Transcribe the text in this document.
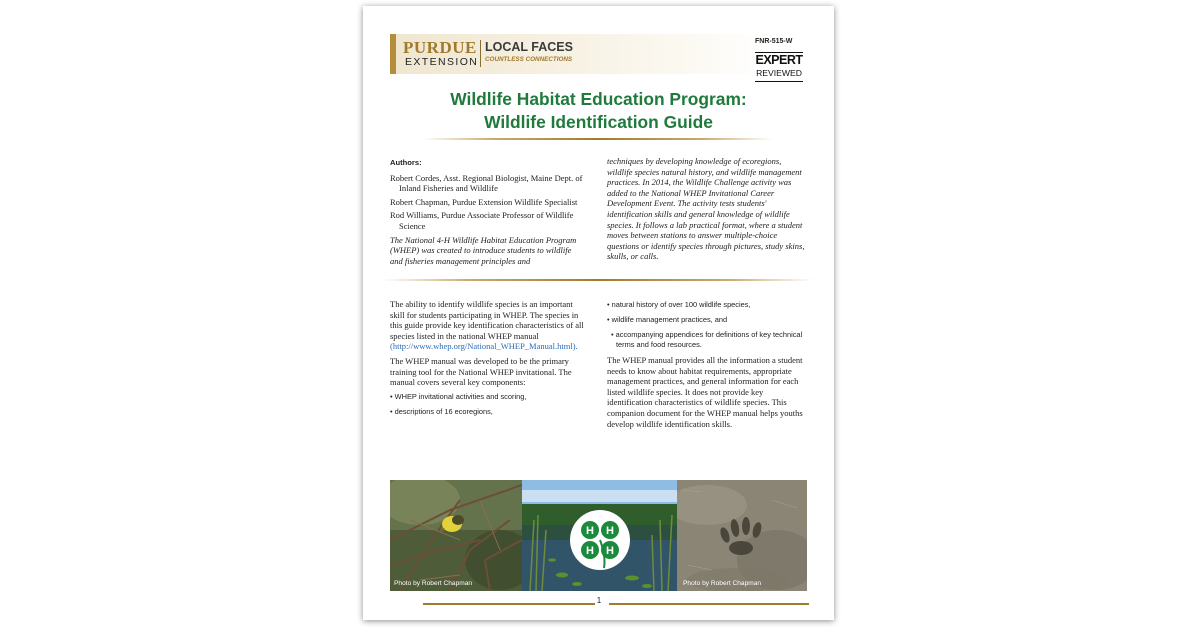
PURDUE
EXTENSION
LOCAL FACES
COUNTLESS CONNECTIONS
FNR-515-W
EXPERT
REVIEWED
Wildlife Habitat Education Program:
Wildlife Identification Guide

Authors:

Robert Cordes, Asst. Regional Biologist, Maine Dept. of Inland Fisheries and Wildlife

Robert Chapman, Purdue Extension Wildlife Specialist

Rod Williams, Purdue Associate Professor of Wildlife Science

The National 4-H Wildlife Habitat Education Program (WHEP) was created to introduce students to wildlife and fisheries management principles and

techniques by developing knowledge of ecoregions, wildlife species natural history, and wildlife management practices. In 2014, the Wildlife Challenge activity was added to the National WHEP Invitational Career Development Event. The activity tests students' identification skills and general knowledge of wildlife species. It follows a lab practical format, where a student moves between stations to answer multiple-choice questions or identify species through pictures, study skins, skulls, or calls.

The ability to identify wildlife species is an important skill for students participating in WHEP. The species in this guide provide key identification characteristics of all species listed in the national WHEP manual (http://www.whep.org/National_WHEP_Manual.html).

The WHEP manual was developed to be the primary training tool for the National WHEP invitational. The manual covers several key components:

• WHEP invitational activities and scoring,

• descriptions of 16 ecoregions,

• natural history of over 100 wildlife species,

• wildlife management practices, and

• accompanying appendices for definitions of key technical terms and food resources.

The WHEP manual provides all the information a student needs to know about habitat requirements, appropriate management practices, and general information for each listed wildlife species. It does not provide key identification characteristics of wildlife species. This companion document for the WHEP manual helps youths develop wildlife identification skills.

Photo by Robert Chapman
H H
H H
Photo by Robert Chapman
1
